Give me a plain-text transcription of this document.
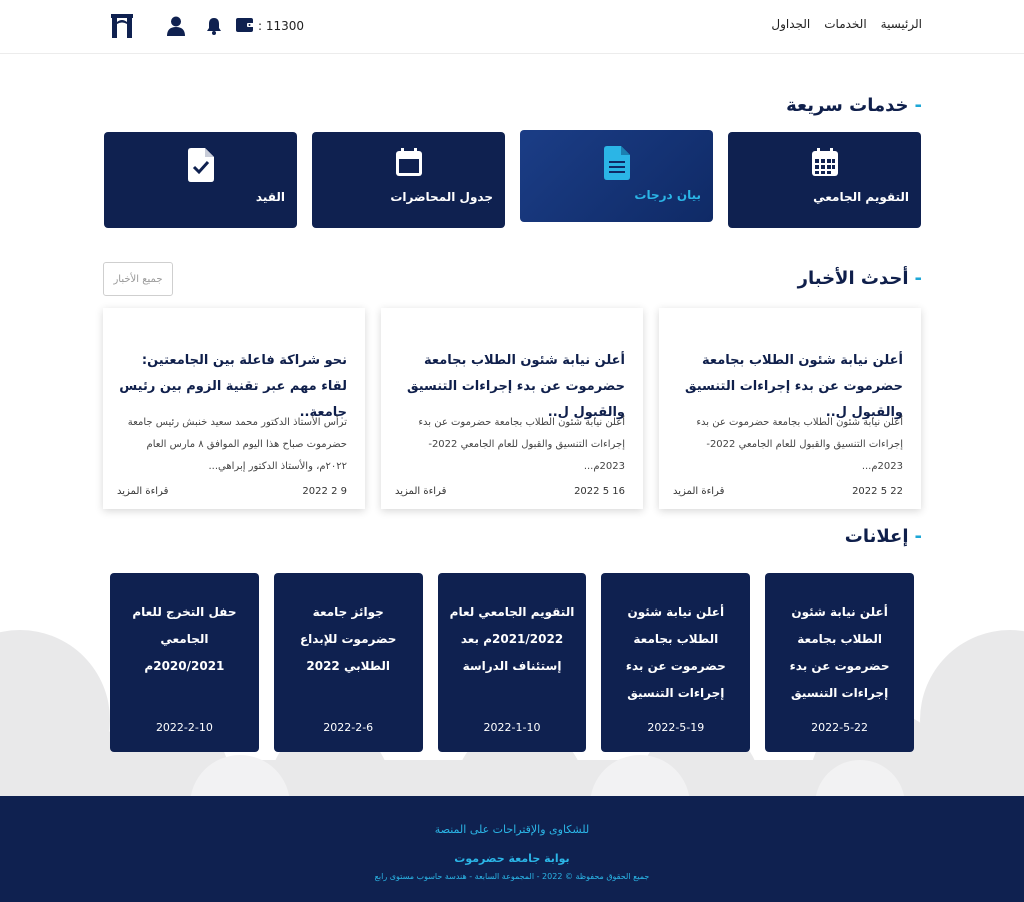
الرئيسية
الخدمات
الجداول
11300 :
-
خدمات سريعة
التقويم الجامعي
بيان درجات
جدول المحاضرات
القيد
-
أحدث الأخبار
جميع الأخبار
أعلن نيابة شئون الطلاب بجامعة حضرموت عن بدء إجراءات التنسيق والقبول ل..
أعلن نيابة شئون الطلاب بجامعة حضرموت عن بدء إجراءات التنسيق والقبول للعام الجامعي 2022-2023م...
22 5 2022
قراءة المزيد
أعلن نيابة شئون الطلاب بجامعة حضرموت عن بدء إجراءات التنسيق والقبول ل..
أعلن نيابة شئون الطلاب بجامعة حضرموت عن بدء إجراءات التنسيق والقبول للعام الجامعي 2022-2023م...
16 5 2022
قراءة المزيد
نحو شراكة فاعلة بين الجامعتين: لقاء مهم عبر تقنية الزوم بين رئيس جامعة..
ترأس الأستاذ الدكتور محمد سعيد خنبش رئيس جامعة حضرموت صباح هذا اليوم الموافق ٨ مارس العام ٢٠٢٢م، والأستاذ الدكتور إبراهي...
9 2 2022
قراءة المزيد
-
إعلانات
أعلن نيابة شئون الطلاب بجامعة حضرموت عن بدء إجراءات التنسيق
2022-5-22
أعلن نيابة شئون الطلاب بجامعة حضرموت عن بدء إجراءات التنسيق
2022-5-19
التقويم الجامعي لعام 2021/2022م بعد إستئناف الدراسة
2022-1-10
جوائز جامعة حضرموت للإبداع الطلابي 2022
2022-2-6
حفل التخرج للعام الجامعي 2020/2021م
2022-2-10
للشكاوى والإقتراحات على المنصة
بوابة جامعة حضرموت
جميع الحقوق محفوظة © 2022 - المجموعة السابعة - هندسة حاسوب مستوى رابع
